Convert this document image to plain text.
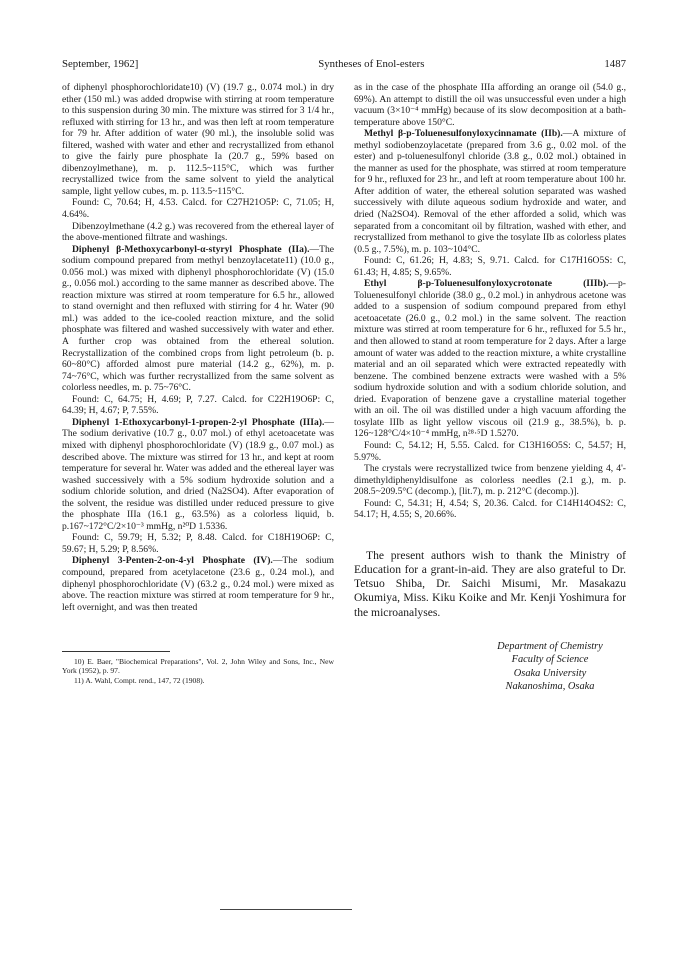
September, 1962]	Syntheses of Enol-esters	1487

of diphenyl phosphorochloridate10) (V) (19.7 g., 0.074 mol.) in dry ether (150 ml.) was added dropwise with stirring at room temperature to this suspension during 30 min. The mixture was stirred for 3 1/4 hr., refluxed with stirring for 13 hr., and was then left at room temperature for 79 hr. After addition of water (90 ml.), the insoluble solid was filtered, washed with water and ether and recrystallized from ethanol to give the fairly pure phosphate Ia (20.7 g., 59% based on dibenzoylmethane), m. p. 112.5~115°C, which was further recrystallized twice from the same solvent to yield the analytical sample, light yellow cubes, m. p. 113.5~115°C.

Found: C, 70.64; H, 4.53. Calcd. for C27H21O5P: C, 71.05; H, 4.64%.

Dibenzoylmethane (4.2 g.) was recovered from the ethereal layer of the above-mentioned filtrate and washings.

Diphenyl β-Methoxycarbonyl-α-styryl Phosphate (IIa).—The sodium compound prepared from methyl benzoylacetate11) (10.0 g., 0.056 mol.) was mixed with diphenyl phosphorochloridate (V) (15.0 g., 0.056 mol.) according to the same manner as described above. The reaction mixture was stirred at room temperature for 6.5 hr., allowed to stand overnight and then refluxed with stirring for 4 hr. Water (90 ml.) was added to the ice-cooled reaction mixture, and the solid phosphate was filtered and washed successively with water and ether. A further crop was obtained from the ethereal solution. Recrystallization of the combined crops from light petroleum (b. p. 60~80°C) afforded almost pure material (14.2 g., 62%), m. p. 74~76°C, which was further recrystallized from the same solvent as colorless needles, m. p. 75~76°C.

Found: C, 64.75; H, 4.69; P, 7.27. Calcd. for C22H19O6P: C, 64.39; H, 4.67; P, 7.55%.

Diphenyl 1-Ethoxycarbonyl-1-propen-2-yl Phosphate (IIIa).—The sodium derivative (10.7 g., 0.07 mol.) of ethyl acetoacetate was mixed with diphenyl phosphorochloridate (V) (18.9 g., 0.07 mol.) as described above. The mixture was stirred for 13 hr., and kept at room temperature for several hr. Water was added and the ethereal layer was washed successively with a 5% sodium hydroxide solution and a sodium chloride solution, and dried (Na2SO4). After evaporation of the solvent, the residue was distilled under reduced pressure to give the phosphate IIIa (16.1 g., 63.5%) as a colorless liquid, b. p.167~172°C/2×10⁻³ mmHg, n²⁰D 1.5336.

Found: C, 59.79; H, 5.32; P, 8.48. Calcd. for C18H19O6P: C, 59.67; H, 5.29; P, 8.56%.

Diphenyl 3-Penten-2-on-4-yl Phosphate (IV).—The sodium compound, prepared from acetylacetone (23.6 g., 0.24 mol.), and diphenyl phosphorochloridate (V) (63.2 g., 0.24 mol.) were mixed as above. The reaction mixture was stirred at room temperature for 9 hr., left overnight, and was then treated

10) E. Baer, "Biochemical Preparations", Vol. 2, John Wiley and Sons, Inc., New York (1952), p. 97.

11) A. Wahl, Compt. rend., 147, 72 (1908).

as in the case of the phosphate IIIa affording an orange oil (54.0 g., 69%). An attempt to distill the oil was unsuccessful even under a high vacuum (3×10⁻⁴ mmHg) because of its slow decomposition at a bath-temperature above 150°C.

Methyl β-p-Toluenesulfonyloxycinnamate (IIb).—A mixture of methyl sodiobenzoylacetate (prepared from 3.6 g., 0.02 mol. of the ester) and p-toluenesulfonyl chloride (3.8 g., 0.02 mol.) obtained in the manner as used for the phosphate, was stirred at room temperature for 9 hr., refluxed for 23 hr., and left at room temperature about 100 hr. After addition of water, the ethereal solution separated was washed successively with dilute aqueous sodium hydroxide and water, and dried (Na2SO4). Removal of the ether afforded a solid, which was separated from a concomitant oil by filtration, washed with ether, and recrystallized from methanol to give the tosylate IIb as colorless plates (0.5 g., 7.5%), m. p. 103~104°C.

Found: C, 61.26; H, 4.83; S, 9.71. Calcd. for C17H16O5S: C, 61.43; H, 4.85; S, 9.65%.

Ethyl β-p-Toluenesulfonyloxycrotonate (IIIb).—p-Toluenesulfonyl chloride (38.0 g., 0.2 mol.) in anhydrous acetone was added to a suspension of sodium compound prepared from ethyl acetoacetate (26.0 g., 0.2 mol.) in the same solvent. The reaction mixture was stirred at room temperature for 6 hr., refluxed for 5.5 hr., and then allowed to stand at room temperature for 2 days. After a large amount of water was added to the reaction mixture, a white crystalline material and an oil separated which were extracted repeatedly with benzene. The combined benzene extracts were washed with a 5% sodium hydroxide solution and with a sodium chloride solution, and dried. Evaporation of benzene gave a crystalline material together with an oil. The oil was distilled under a high vacuum affording the tosylate IIIb as light yellow viscous oil (21.9 g., 38.5%), b. p. 126~128°C/4×10⁻⁴ mmHg, n²⁸·⁵D 1.5270.

Found: C, 54.12; H, 5.55. Calcd. for C13H16O5S: C, 54.57; H, 5.97%.

The crystals were recrystallized twice from benzene yielding 4, 4'-dimethyldiphenyldisulfone as colorless needles (2.1 g.), m. p. 208.5~209.5°C (decomp.), [lit.7), m. p. 212°C (decomp.)].

Found: C, 54.31; H, 4.54; S, 20.36. Calcd. for C14H14O4S2: C, 54.17; H, 4.55; S, 20.66%.

The present authors wish to thank the Ministry of Education for a grant-in-aid. They are also grateful to Dr. Tetsuo Shiba, Dr. Saichi Misumi, Mr. Masakazu Okumiya, Miss. Kiku Koike and Mr. Kenji Yoshimura for the microanalyses.
Department of Chemistry
Faculty of Science
Osaka University
Nakanoshima, Osaka
